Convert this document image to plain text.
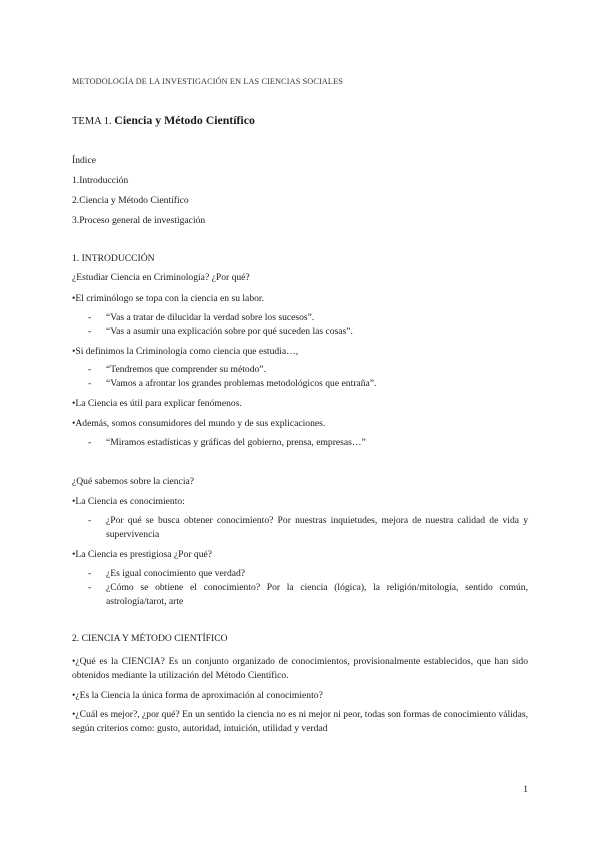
METODOLOGÍA DE LA INVESTIGACIÓN EN LAS CIENCIAS SOCIALES
TEMA 1. Ciencia y Método Científico
Índice
1.Introducción
2.Ciencia y Método Científico
3.Proceso general de investigación
1. INTRODUCCIÓN
¿Estudiar Ciencia en Criminología? ¿Por qué?
•El criminólogo se topa con la ciencia en su labor.
- “Vas a tratar de dilucidar la verdad sobre los sucesos”.
- “Vas a asumir una explicación sobre por qué suceden las cosas”.
•Si definimos la Criminología como ciencia que estudia…,
- “Tendremos que comprender su método”.
- “Vamos a afrontar los grandes problemas metodológicos que entraña”.
•La Ciencia es útil para explicar fenómenos.
•Además, somos consumidores del mundo y de sus explicaciones.
- “Miramos estadísticas y gráficas del gobierno, prensa, empresas…”
¿Qué sabemos sobre la ciencia?
•La Ciencia es conocimiento:
- ¿Por qué se busca obtener conocimiento? Por nuestras inquietudes, mejora de nuestra calidad de vida y supervivencia
•La Ciencia es prestigiosa ¿Por qué?
- ¿Es igual conocimiento que verdad?
- ¿Cómo se obtiene el conocimiento? Por la ciencia (lógica), la religión/mitología, sentido común, astrología/tarot, arte
2. CIENCIA Y MÉTODO CIENTÍFICO
•¿Qué es la CIENCIA? Es un conjunto organizado de conocimientos, provisionalmente establecidos, que han sido obtenidos mediante la utilización del Método Científico.
•¿Es la Ciencia la única forma de aproximación al conocimiento?
•¿Cuál es mejor?, ¿por qué? En un sentido la ciencia no es ni mejor ni peor, todas son formas de conocimiento válidas, según criterios como: gusto, autoridad, intuición, utilidad y verdad
1
